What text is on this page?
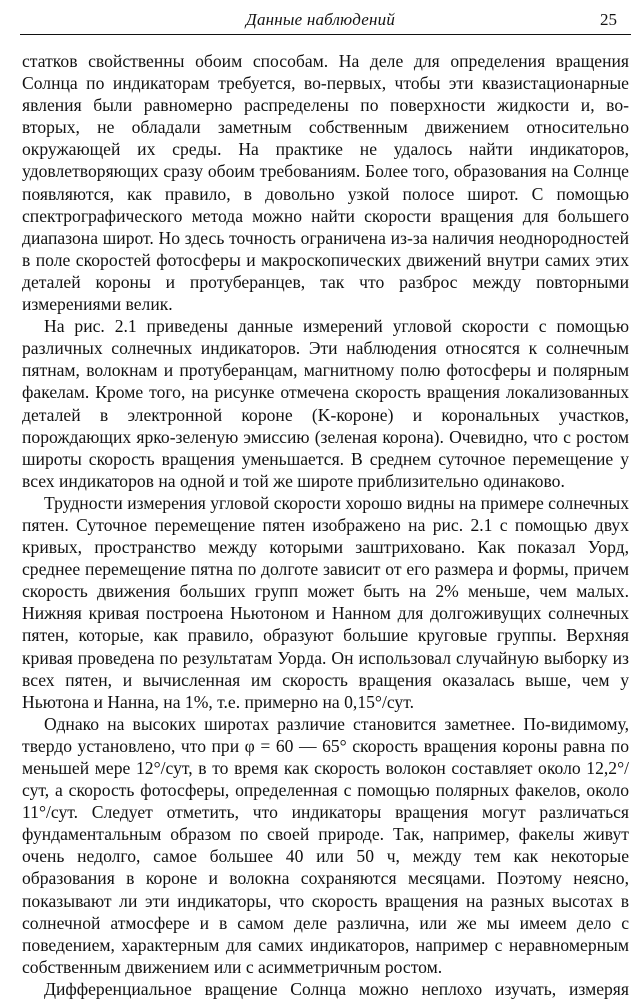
Данные наблюдений	25

статков свойственны обоим способам. На деле для определения вращения Солнца по индикаторам требуется, во-первых, чтобы эти квазистационарные явления были равномерно распределены по поверхности жидкости и, во-вторых, не обладали заметным собственным движением относительно окружающей их среды. На практике не удалось найти индикаторов, удовлетворяющих сразу обоим требованиям. Более того, образования на Солнце появляются, как правило, в довольно узкой полосе широт. С помощью спектрографического метода можно найти скорости вращения для большего диапазона широт. Но здесь точность ограничена из-за наличия неоднородностей в поле скоростей фотосферы и макроскопических движений внутри самих этих деталей короны и протуберанцев, так что разброс между повторными измерениями велик.

На рис. 2.1 приведены данные измерений угловой скорости с помощью различных солнечных индикаторов. Эти наблюдения относятся к солнечным пятнам, волокнам и протуберанцам, магнитному полю фотосферы и полярным факелам. Кроме того, на рисунке отмечена скорость вращения локализованных деталей в электронной короне (K-короне) и корональных участков, порождающих ярко-зеленую эмиссию (зеленая корона). Очевидно, что с ростом широты скорость вращения уменьшается. В среднем суточное перемещение у всех индикаторов на одной и той же широте приблизительно одинаково.

Трудности измерения угловой скорости хорошо видны на примере солнечных пятен. Суточное перемещение пятен изображено на рис. 2.1 с помощью двух кривых, пространство между которыми заштриховано. Как показал Уорд, среднее перемещение пятна по долготе зависит от его размера и формы, причем скорость движения больших групп может быть на 2% меньше, чем малых. Нижняя кривая построена Ньютоном и Нанном для долгоживущих солнечных пятен, которые, как правило, образуют большие круговые группы. Верхняя кривая проведена по результатам Уорда. Он использовал случайную выборку из всех пятен, и вычисленная им скорость вращения оказалась выше, чем у Ньютона и Нанна, на 1%, т.е. примерно на 0,15°/сут.

Однако на высоких широтах различие становится заметнее. По-видимому, твердо установлено, что при φ = 60 — 65° скорость вращения короны равна по меньшей мере 12°/сут, в то время как скорость волокон составляет около 12,2°/сут, а скорость фотосферы, определенная с помощью полярных факелов, около 11°/сут. Следует отметить, что индикаторы вращения могут различаться фундаментальным образом по своей природе. Так, например, факелы живут очень недолго, самое большее 40 или 50 ч, между тем как некоторые образования в короне и волокна сохраняются месяцами. Поэтому неясно, показывают ли эти индикаторы, что скорость вращения на разных высотах в солнечной атмосфере и в самом деле различна, или же мы имеем дело с поведением, характерным для самих индикаторов, например с неравномерным собственным движением или с асимметричным ростом.

Дифференциальное вращение Солнца можно неплохо изучать, измеряя
